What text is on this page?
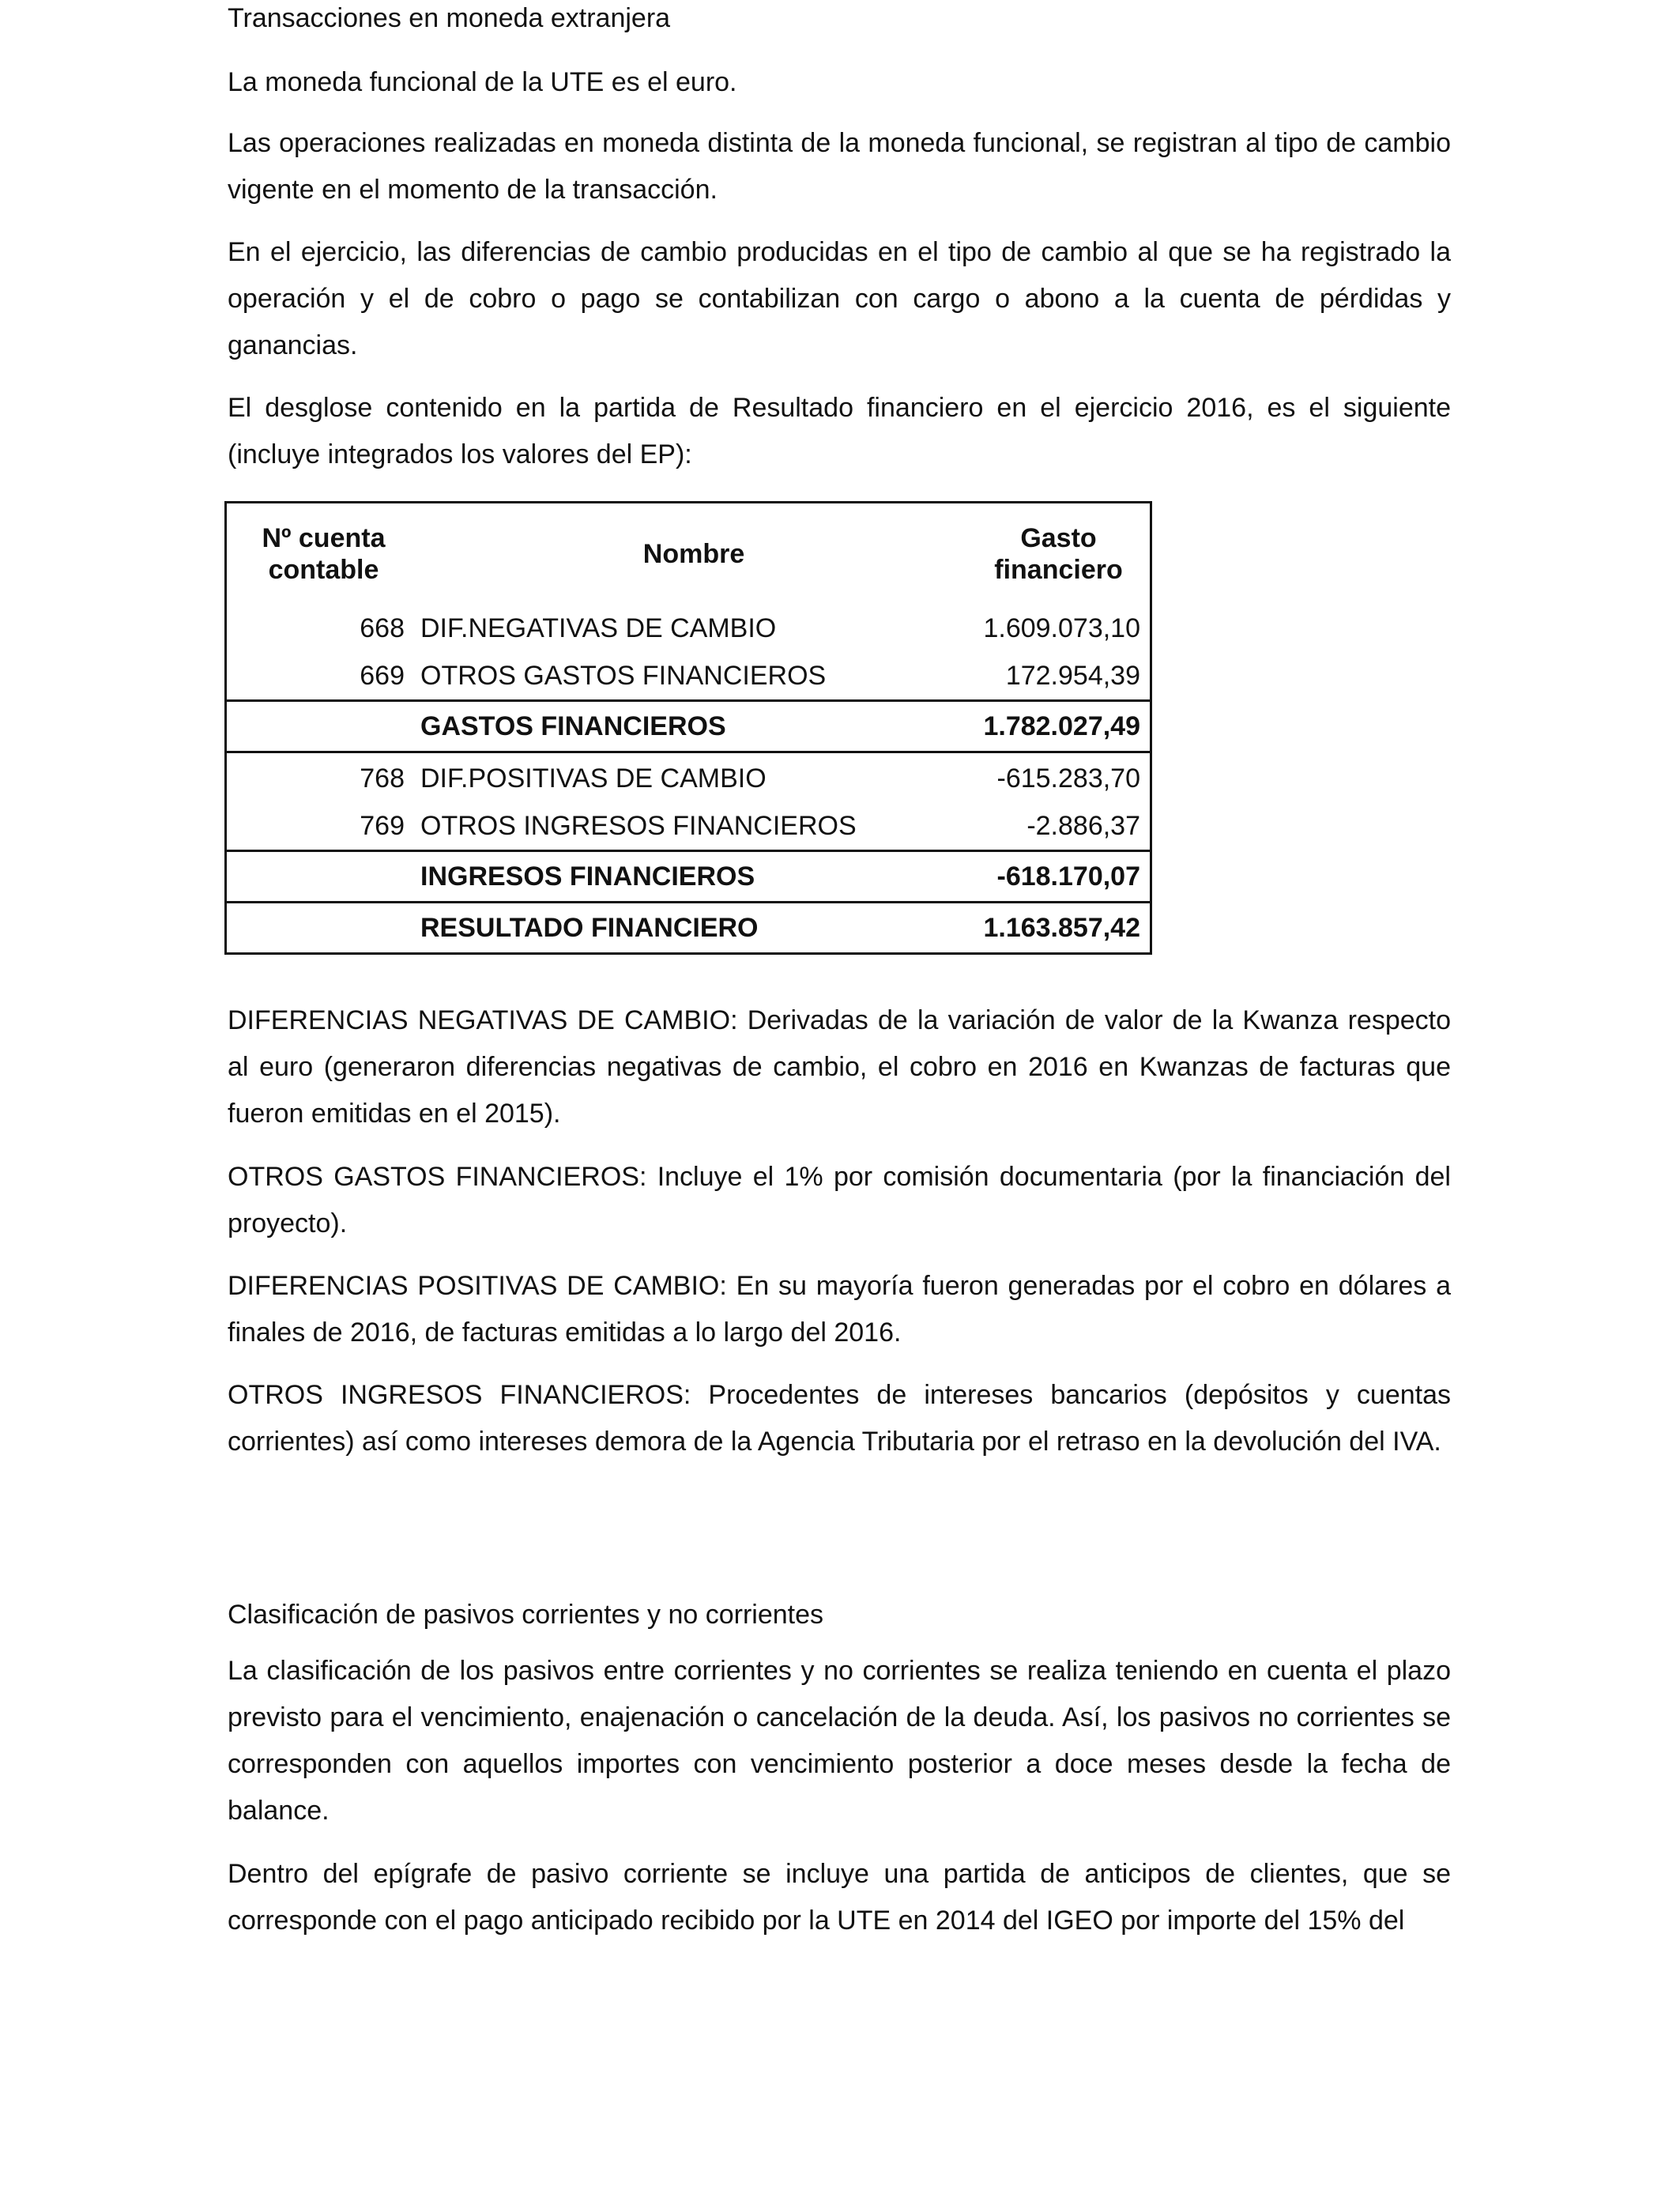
Transacciones en moneda extranjera

La moneda funcional de la UTE es el euro.

Las operaciones realizadas en moneda distinta de la moneda funcional, se registran al tipo de cambio vigente en el momento de la transacción.

En el ejercicio, las diferencias de cambio producidas en el tipo de cambio al que se ha registrado la operación y el de cobro o pago se contabilizan con cargo o abono a la cuenta de pérdidas y ganancias.

El desglose contenido en la partida de Resultado financiero en el ejercicio 2016, es el siguiente (incluye integrados los valores del EP):

Nº cuenta
contable	Nombre	Gasto
financiero
668	DIF.NEGATIVAS DE CAMBIO	1.609.073,10
669	OTROS GASTOS FINANCIEROS	172.954,39
	GASTOS FINANCIEROS	1.782.027,49
768	DIF.POSITIVAS DE CAMBIO	-615.283,70
769	OTROS INGRESOS FINANCIEROS	-2.886,37
	INGRESOS FINANCIEROS	-618.170,07
	RESULTADO FINANCIERO	1.163.857,42

DIFERENCIAS NEGATIVAS DE CAMBIO: Derivadas de la variación de valor de la Kwanza respecto al euro (generaron diferencias negativas de cambio, el cobro en 2016 en Kwanzas de facturas que fueron emitidas en el 2015).

OTROS GASTOS FINANCIEROS: Incluye el 1% por comisión documentaria (por la financiación del proyecto).

DIFERENCIAS POSITIVAS DE CAMBIO: En su mayoría fueron generadas por el cobro en dólares a finales de 2016, de facturas emitidas a lo largo del 2016.

OTROS INGRESOS FINANCIEROS: Procedentes de intereses bancarios (depósitos y cuentas corrientes) así como intereses demora de la Agencia Tributaria por el retraso en la devolución del IVA.

Clasificación de pasivos corrientes y no corrientes

La clasificación de los pasivos entre corrientes y no corrientes se realiza teniendo en cuenta el plazo previsto para el vencimiento, enajenación o cancelación de la deuda. Así, los pasivos no corrientes se corresponden con aquellos importes con vencimiento posterior a doce meses desde la fecha de balance.

Dentro del epígrafe de pasivo corriente se incluye una partida de anticipos de clientes, que se corresponde con el pago anticipado recibido por la UTE en 2014 del IGEO por importe del 15% del
